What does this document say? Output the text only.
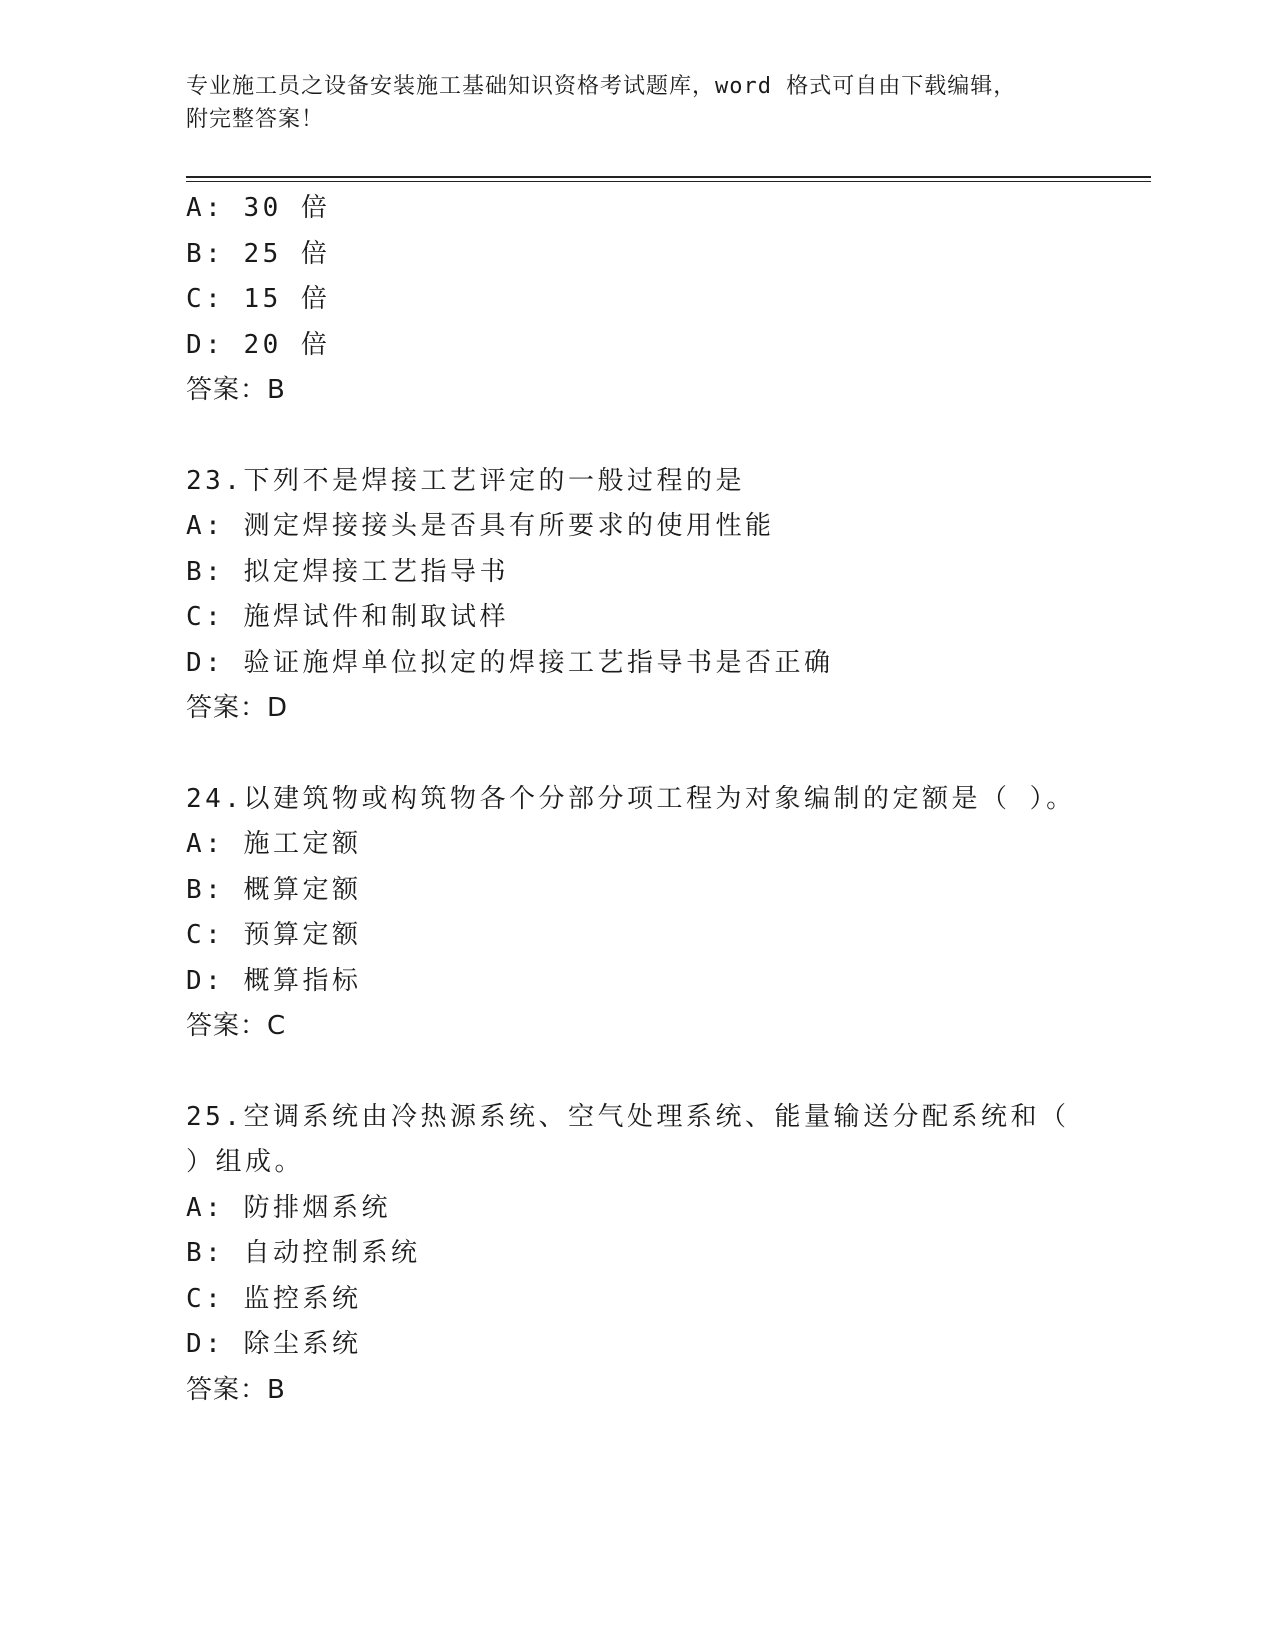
专业施工员之设备安装施工基础知识资格考试题库，word 格式可自由下载编辑，
附完整答案！
A: 30 倍
B: 25 倍
C: 15 倍
D: 20 倍
答案：B
23.下列不是焊接工艺评定的一般过程的是
A: 测定焊接接头是否具有所要求的使用性能
B: 拟定焊接工艺指导书
C: 施焊试件和制取试样
D: 验证施焊单位拟定的焊接工艺指导书是否正确
答案：D
24.以建筑物或构筑物各个分部分项工程为对象编制的定额是（ ）。
A: 施工定额
B: 概算定额
C: 预算定额
D: 概算指标
答案：C
25.空调系统由冷热源系统、空气处理系统、能量输送分配系统和（
）组成。
A: 防排烟系统
B: 自动控制系统
C: 监控系统
D: 除尘系统
答案：B
